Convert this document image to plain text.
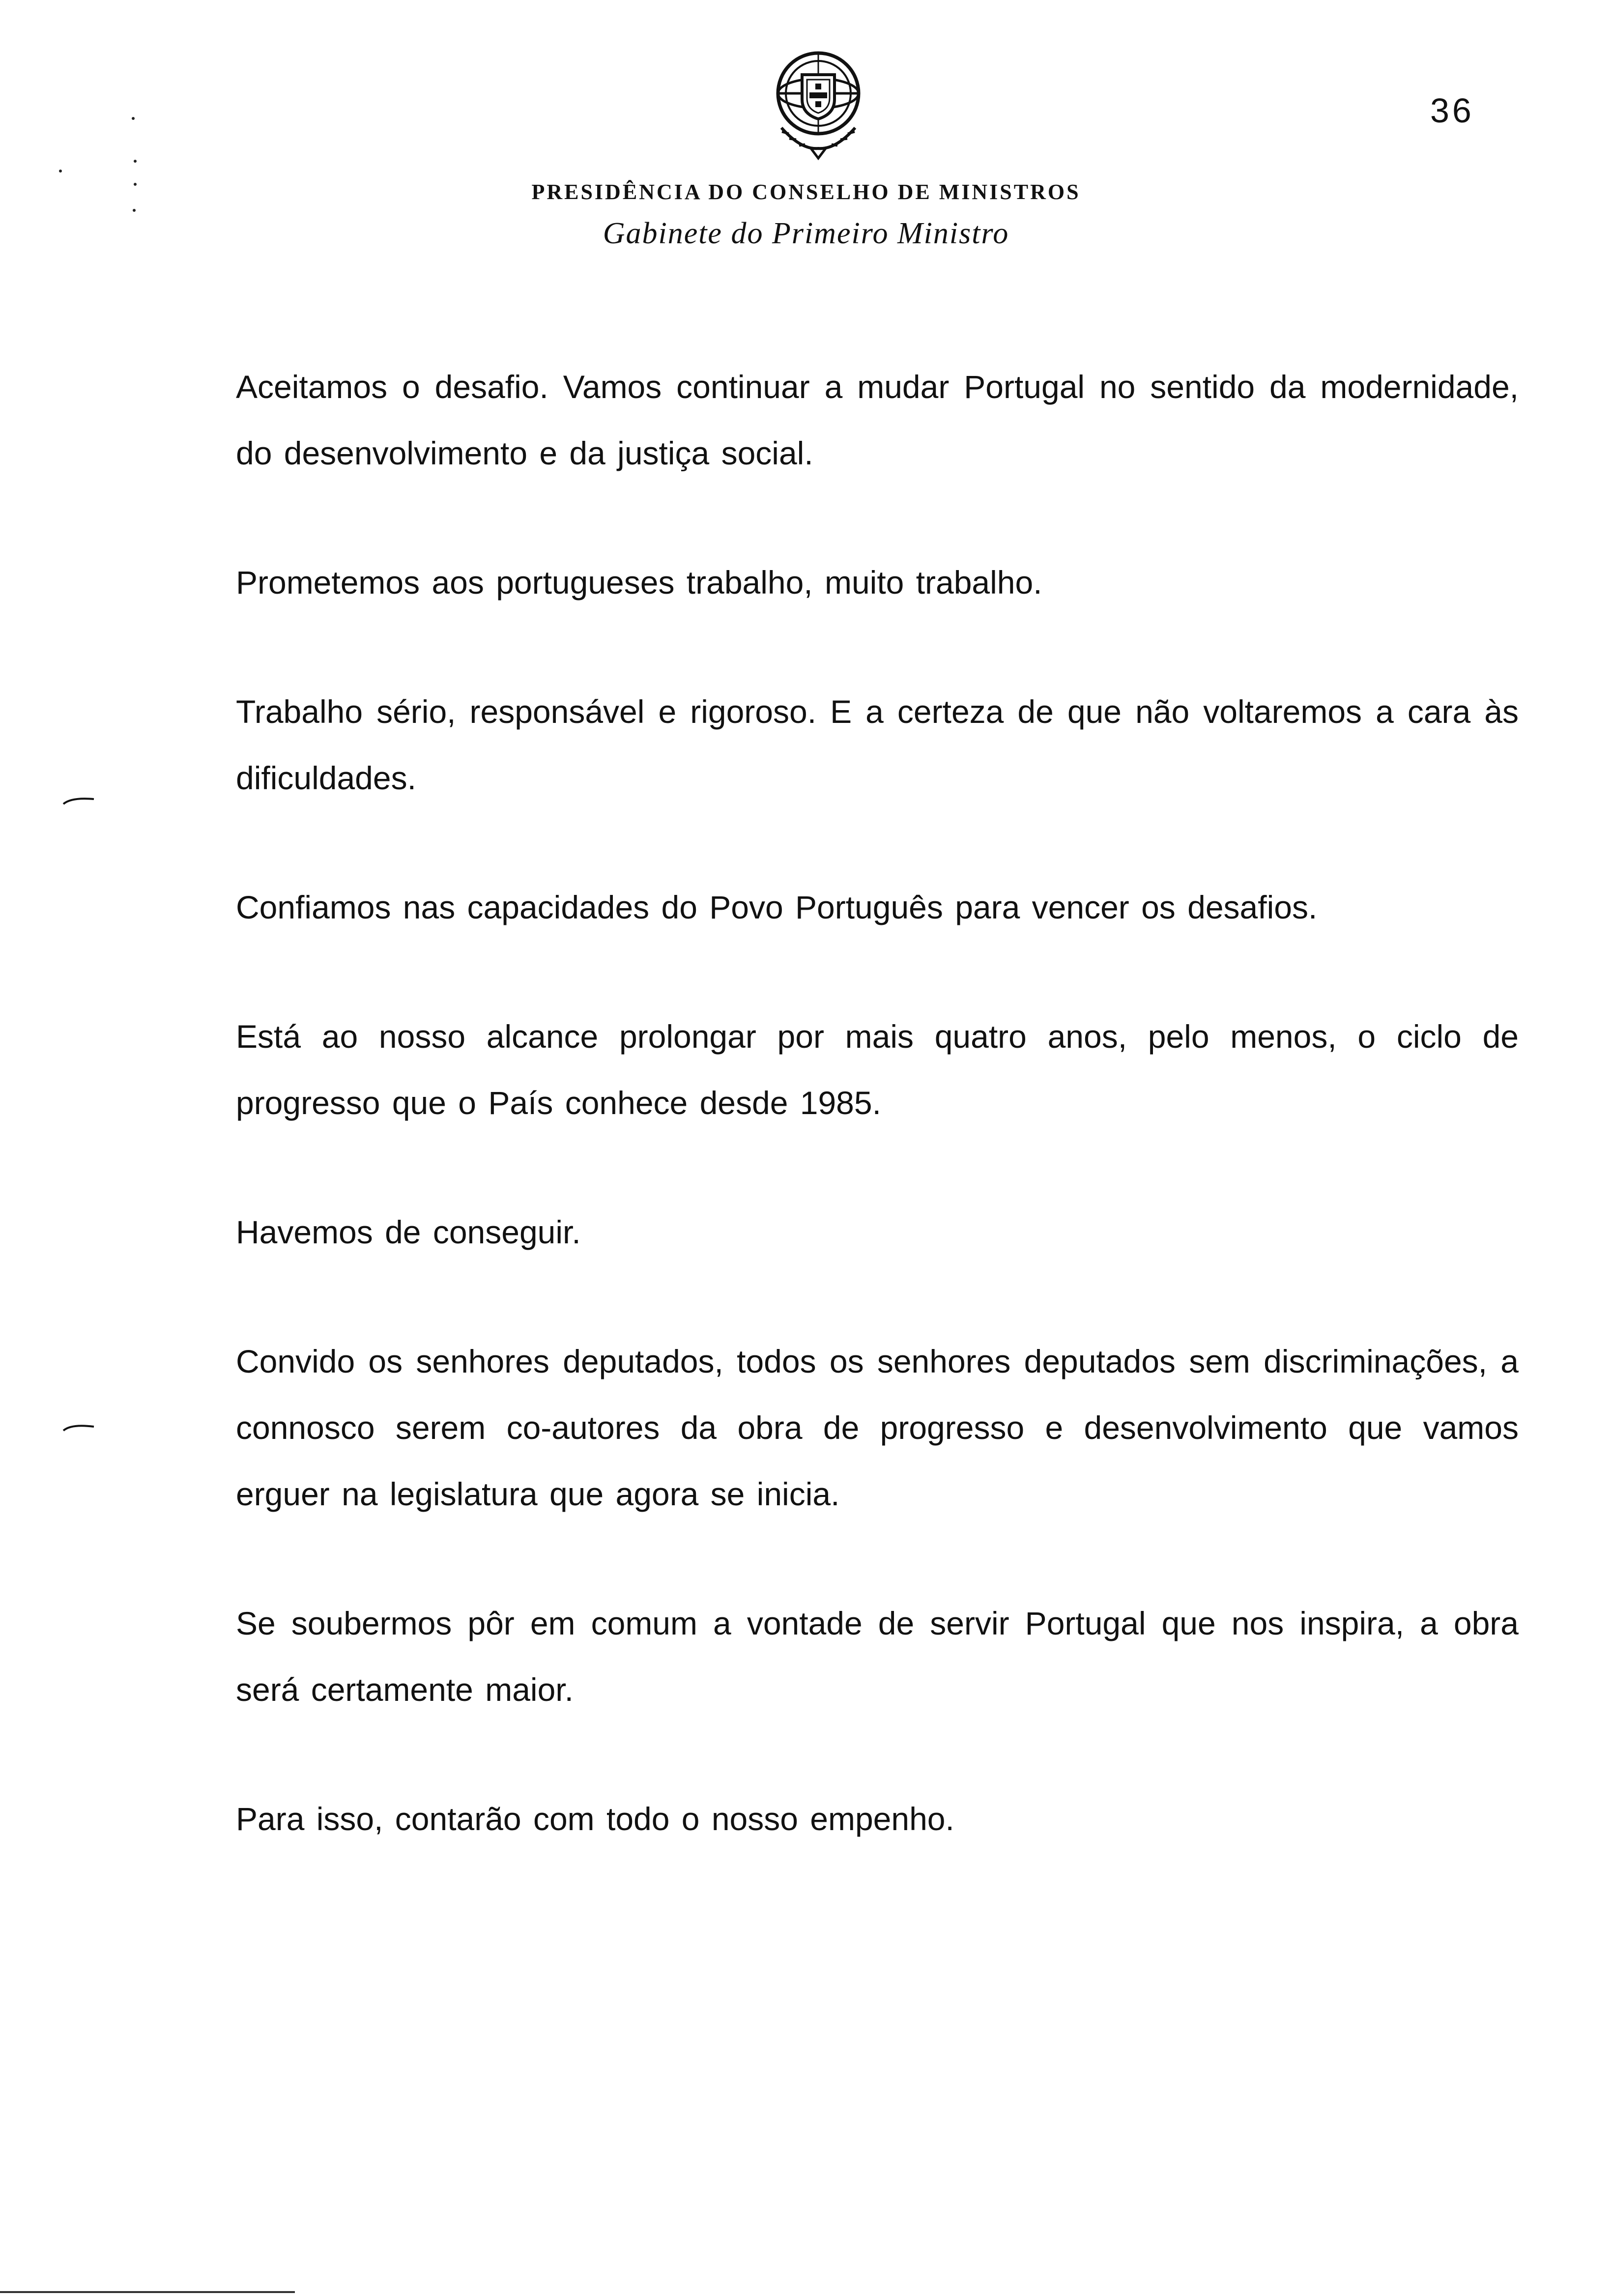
36
PRESIDÊNCIA DO CONSELHO DE MINISTROS
Gabinete do Primeiro Ministro

Aceitamos o desafio. Vamos continuar a mudar Portugal no sentido da modernidade, do desenvolvimento e da justiça social.

Prometemos aos portugueses trabalho, muito trabalho.

Trabalho sério, responsável e rigoroso. E a certeza de que não voltaremos a cara às dificuldades.

Confiamos nas capacidades do Povo Português para vencer os desafios.

Está ao nosso alcance prolongar por mais quatro anos, pelo menos, o ciclo de progresso que o País conhece desde 1985.

Havemos de conseguir.

Convido os senhores deputados, todos os senhores deputados sem discriminações, a connosco serem co-autores da obra de progresso e desenvolvimento que vamos erguer na legislatura que agora se inicia.

Se soubermos pôr em comum a vontade de servir Portugal que nos inspira, a obra será certamente maior.

Para isso, contarão com todo o nosso empenho.
